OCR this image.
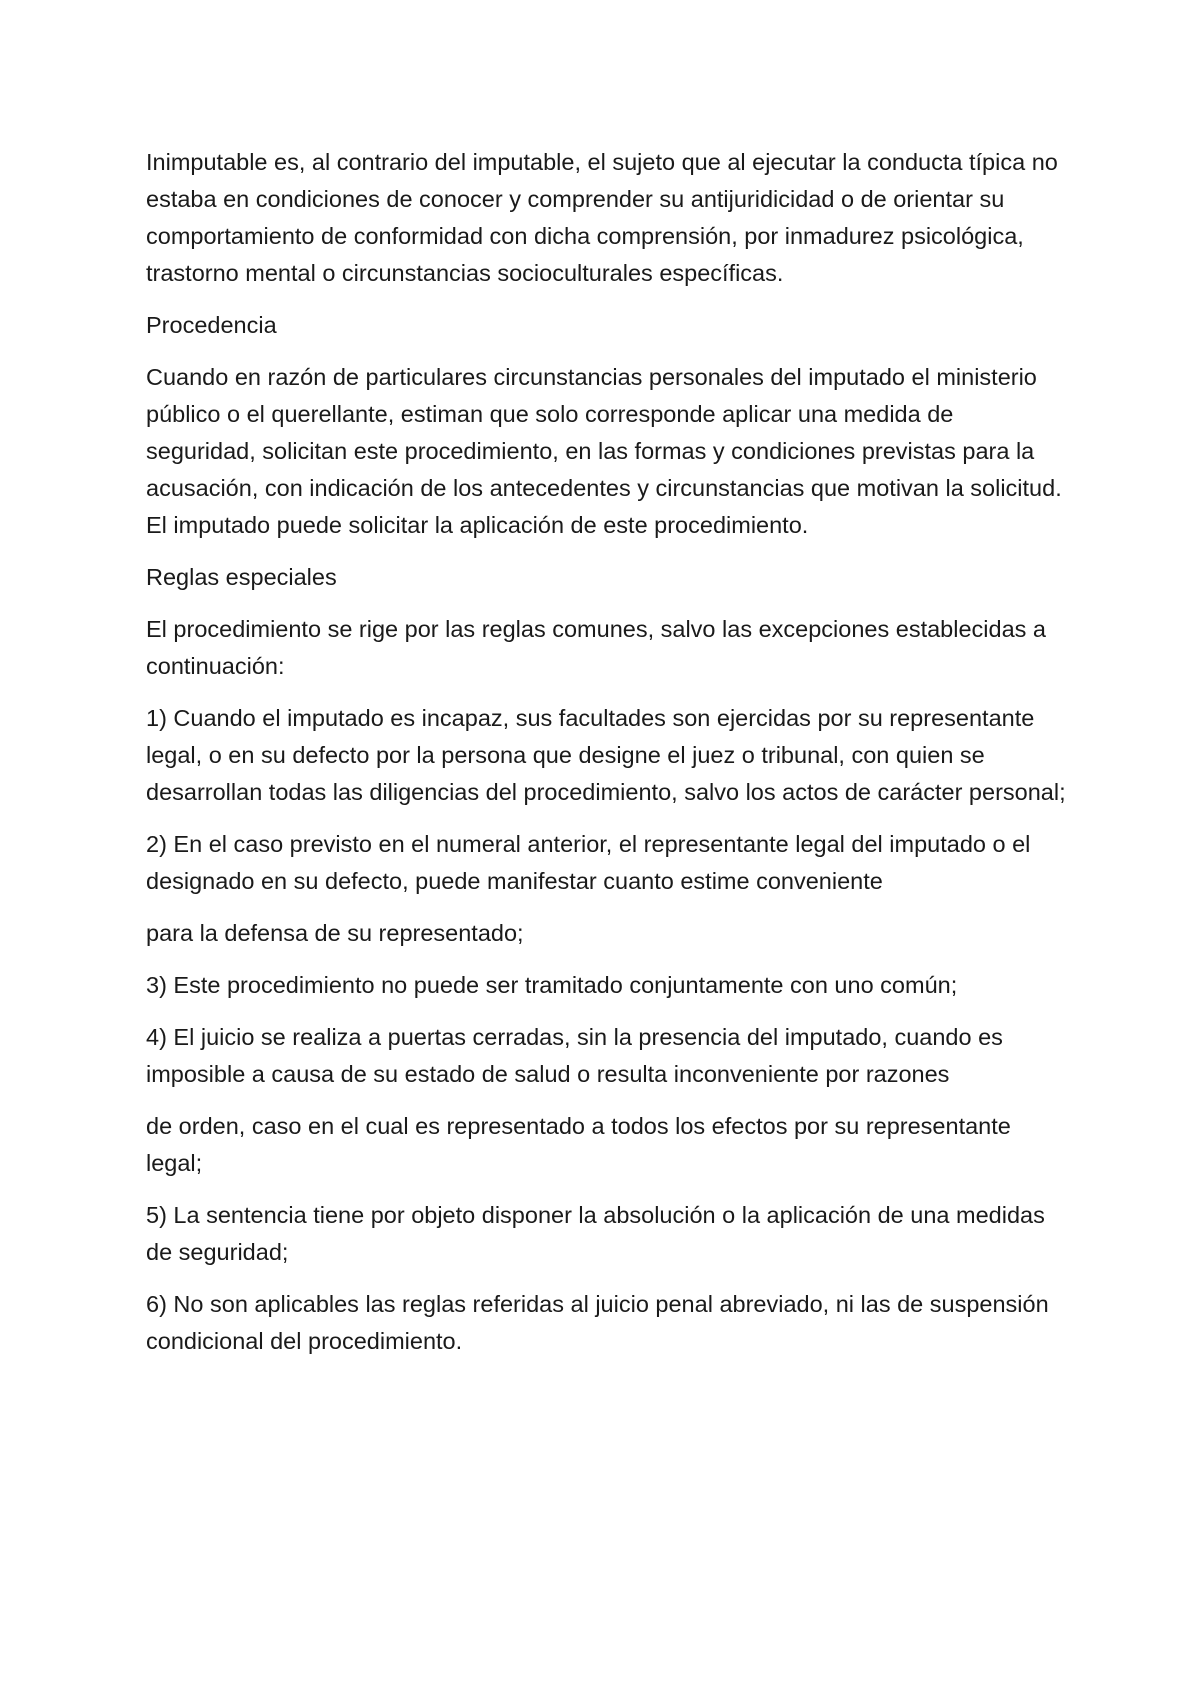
Inimputable es, al contrario del imputable, el sujeto que al ejecutar la conducta típica no estaba en condiciones de conocer y comprender su antijuridicidad o de orientar su comportamiento de conformidad con dicha comprensión, por inmadurez psicológica, trastorno mental o circunstancias socioculturales específicas.

Procedencia

Cuando en razón de particulares circunstancias personales del imputado el ministerio público o el querellante, estiman que solo corresponde aplicar una medida de seguridad, solicitan este procedimiento, en las formas y condiciones previstas para la acusación, con indicación de los antecedentes y circunstancias que motivan la solicitud. El imputado puede solicitar la aplicación de este procedimiento.

Reglas especiales

El procedimiento se rige por las reglas comunes, salvo las excepciones establecidas a continuación:

1) Cuando el imputado es incapaz, sus facultades son ejercidas por su representante legal, o en su defecto por la persona que designe el juez o tribunal, con quien se desarrollan todas las diligencias del procedimiento, salvo los actos de carácter personal;

2) En el caso previsto en el numeral anterior, el representante legal del imputado o el designado en su defecto, puede manifestar cuanto estime conveniente

para la defensa de su representado;

3) Este procedimiento no puede ser tramitado conjuntamente con uno común;

4) El juicio se realiza a puertas cerradas, sin la presencia del imputado, cuando es imposible a causa de su estado de salud o resulta inconveniente por razones

de orden, caso en el cual es representado a todos los efectos por su representante legal;

5) La sentencia tiene por objeto disponer la absolución o la aplicación de una medidas de seguridad;

6) No son aplicables las reglas referidas al juicio penal abreviado, ni las de suspensión condicional del procedimiento.
